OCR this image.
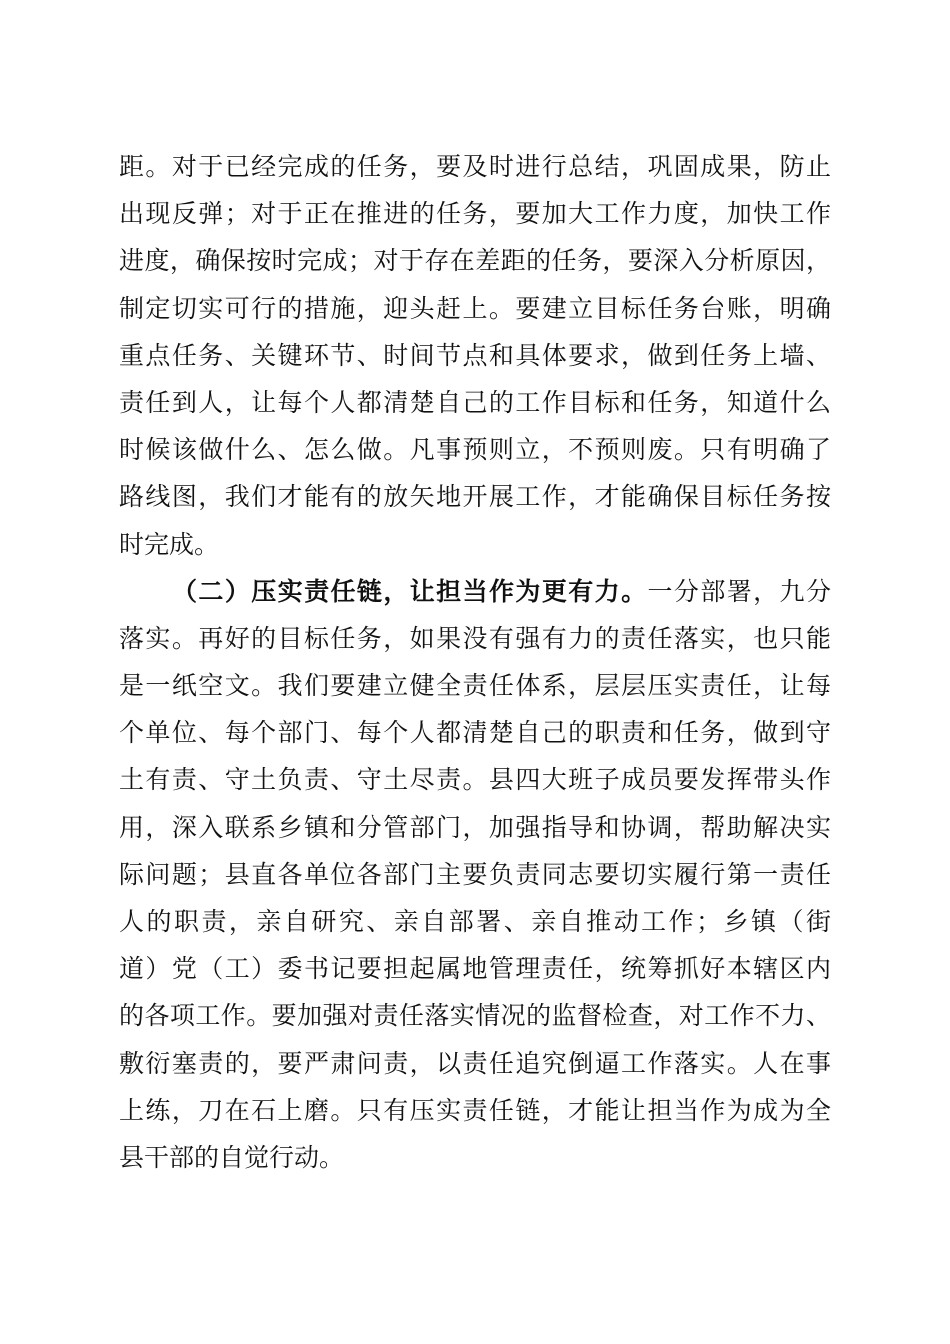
距。对于已经完成的任务，要及时进行总结，巩固成果，防止
出现反弹；对于正在推进的任务，要加大工作力度，加快工作
进度，确保按时完成；对于存在差距的任务，要深入分析原因，
制定切实可行的措施，迎头赶上。要建立目标任务台账，明确
重点任务、关键环节、时间节点和具体要求，做到任务上墙、
责任到人，让每个人都清楚自己的工作目标和任务，知道什么
时候该做什么、怎么做。凡事预则立，不预则废。只有明确了
路线图，我们才能有的放矢地开展工作，才能确保目标任务按
时完成。
（二）压实责任链，让担当作为更有力。一分部署，九分
落实。再好的目标任务，如果没有强有力的责任落实，也只能
是一纸空文。我们要建立健全责任体系，层层压实责任，让每
个单位、每个部门、每个人都清楚自己的职责和任务，做到守
土有责、守土负责、守土尽责。县四大班子成员要发挥带头作
用，深入联系乡镇和分管部门，加强指导和协调，帮助解决实
际问题；县直各单位各部门主要负责同志要切实履行第一责任
人的职责，亲自研究、亲自部署、亲自推动工作；乡镇（街
道）党（工）委书记要担起属地管理责任，统筹抓好本辖区内
的各项工作。要加强对责任落实情况的监督检查，对工作不力、
敷衍塞责的，要严肃问责，以责任追究倒逼工作落实。人在事
上练，刀在石上磨。只有压实责任链，才能让担当作为成为全
县干部的自觉行动。
